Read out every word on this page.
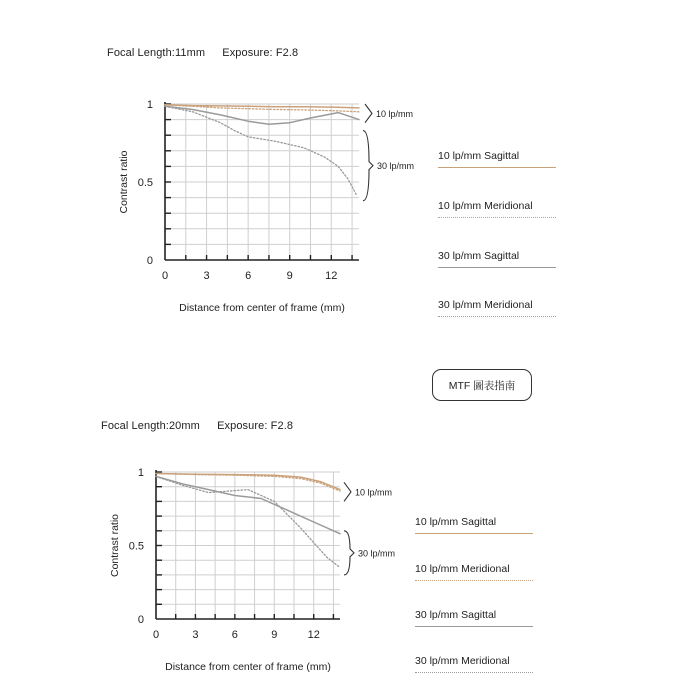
Focal Length:11mm Exposure: F2.8
1
0.5
0
0	3	6	9	12
Distance from center of frame (mm)
Contrast ratio
10 lp/mm
30 lp/mm
10 lp/mm Sagittal
10 lp/mm Meridional
30 lp/mm Sagittal
30 lp/mm Meridional
MTF 圖表指南
Focal Length:20mm Exposure: F2.8
1
0.5
0
0	3	6	9	12
Distance from center of frame (mm)
Contrast ratio
10 lp/mm
30 lp/mm
10 lp/mm Sagittal
10 lp/mm Meridional
30 lp/mm Sagittal
30 lp/mm Meridional
